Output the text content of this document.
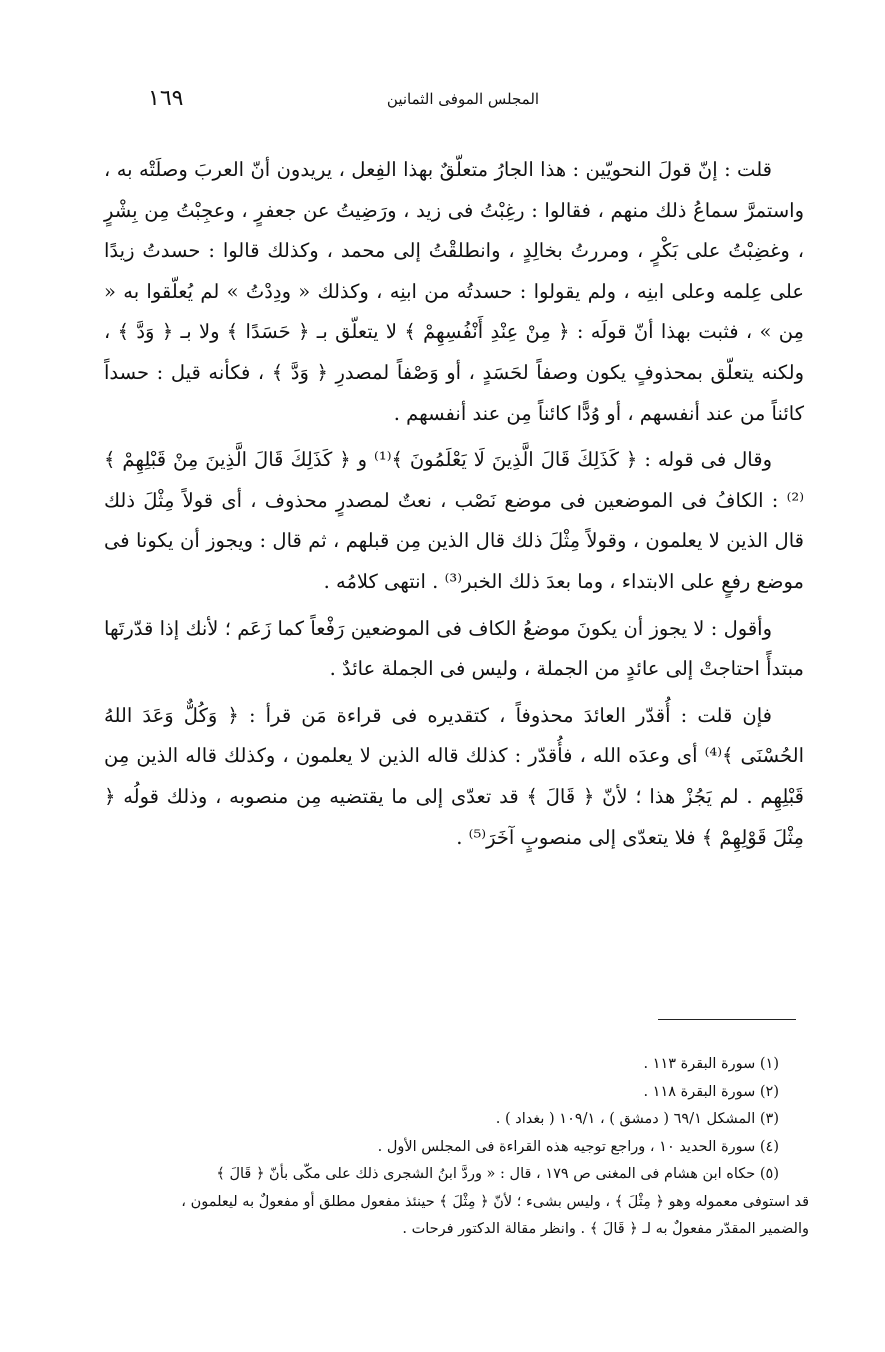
١٦٩	المجلس الموفى الثمانين

قلت : إنّ قولَ النحويّين : هذا الجارُ متعلّقٌ بهذا الفِعل ، يريدون أنّ العربَ وصلَتْه به ، واستمرَّ سماعُ ذلك منهم ، فقالوا : رغِبْتُ فى زيد ، ورَضِيتُ عن جعفرٍ ، وعجِبْتُ مِن بِشْرٍ ، وغضِبْتُ على بَكْرٍ ، ومررتُ بخالِدٍ ، وانطلقْتُ إلى محمد ، وكذلك قالوا : حسدتُ زيدًا على عِلمه وعلى ابنِه ، ولم يقولوا : حسدتُه من ابنِه ، وكذلك « ودِدْتُ » لم يُعلّقوا به « مِن » ، فثبت بهذا أنّ قولَه : ﴿ مِنْ عِنْدِ أَنْفُسِهِمْ ﴾ لا يتعلّق بـ ﴿ حَسَدًا ﴾ ولا بـ ﴿ وَدَّ ﴾ ، ولكنه يتعلّق بمحذوفٍ يكون وصفاً لحَسَدٍ ، أو وَصْفاً لمصدرِ ﴿ وَدَّ ﴾ ، فكأنه قيل : حسداً كائناً من عند أنفسهم ، أو وُدًّا كائناً مِن عند أنفسهم .

وقال فى قوله : ﴿ كَذَلِكَ قَالَ الَّذِينَ لَا يَعْلَمُونَ ﴾⁽¹⁾ و ﴿ كَذَلِكَ قَالَ الَّذِينَ مِنْ قَبْلِهِمْ ﴾⁽²⁾ : الكافُ فى الموضعين فى موضع نَصْب ، نعتٌ لمصدرٍ محذوف ، أى قولاً مِثْلَ ذلك قال الذين لا يعلمون ، وقولاً مِثْلَ ذلك قال الذين مِن قبلهم ، ثم قال : ويجوز أن يكونا فى موضع رفعٍ على الابتداء ، وما بعدَ ذلك الخبر⁽³⁾ . انتهى كلامُه .

وأقول : لا يجوز أن يكونَ موضعُ الكاف فى الموضعين رَفْعاً كما زَعَم ؛ لأنك إذا قدّرتَها مبتدأً احتاجتْ إلى عائدٍ من الجملة ، وليس فى الجملة عائدٌ .

فإن قلت : أُقدّر العائدَ محذوفاً ، كتقديره فى قراءة مَن قرأ : ﴿ وَكُلٌّ وَعَدَ اللهُ الحُسْنَى ﴾⁽⁴⁾ أى وعدَه الله ، فأُقدّر : كذلك قاله الذين لا يعلمون ، وكذلك قاله الذين مِن قَبْلِهِم . لم يَجُزْ هذا ؛ لأنّ ﴿ قَالَ ﴾ قد تعدّى إلى ما يقتضيه مِن منصوبه ، وذلك قولُه ﴿ مِثْلَ قَوْلِهِمْ ﴾ فلا يتعدّى إلى منصوبٍ آخَرَ⁽⁵⁾ .

(١) سورة البقرة ١١٣ .

(٢) سورة البقرة ١١٨ .

(٣) المشكل ٦٩/١ ( دمشق ) ، ١٠٩/١ ( بغداد ) .

(٤) سورة الحديد ١٠ ، وراجع توجيه هذه القراءة فى المجلس الأول .

(٥) حكاه ابن هشام فى المغنى ص ١٧٩ ، قال : « وردَّ ابنُ الشجرى ذلك على مكّى بأنّ ﴿ قَالَ ﴾

قد استوفى معموله وهو ﴿ مِثْلَ ﴾ ، وليس بشىء ؛ لأنّ ﴿ مِثْلَ ﴾ حينئذ مفعول مطلق أو مفعولٌ به ليعلمون ،

والضمير المقدّر مفعولٌ به لـ ﴿ قَالَ ﴾ . وانظر مقالة الدكتور فرحات .
